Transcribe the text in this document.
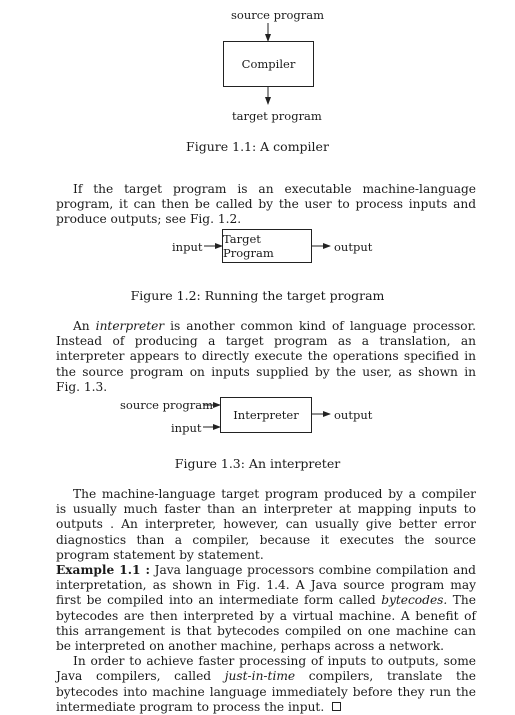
source program
Compiler
target program
Figure 1.1: A compiler

If the target program is an executable machine-language program, it can then be called by the user to process inputs and produce outputs; see Fig. 1.2.

input
Target Program	output
Figure 1.2: Running the target program

An interpreter is another common kind of language processor. Instead of producing a target program as a translation, an interpreter appears to directly execute the operations specified in the source program on inputs supplied by the user, as shown in Fig. 1.3.

source program
input
Interpreter	output
Figure 1.3: An interpreter

The machine-language target program produced by a compiler is usually much faster than an interpreter at mapping inputs to outputs . An interpreter, however, can usually give better error diagnostics than a compiler, because it executes the source program statement by statement.

Example 1.1 : Java language processors combine compilation and interpretation, as shown in Fig. 1.4. A Java source program may first be compiled into an intermediate form called bytecodes. The bytecodes are then interpreted by a virtual machine. A benefit of this arrangement is that bytecodes compiled on one machine can be interpreted on another machine, perhaps across a network.

In order to achieve faster processing of inputs to outputs, some Java compilers, called just-in-time compilers, translate the bytecodes into machine language immediately before they run the intermediate program to process the input.
